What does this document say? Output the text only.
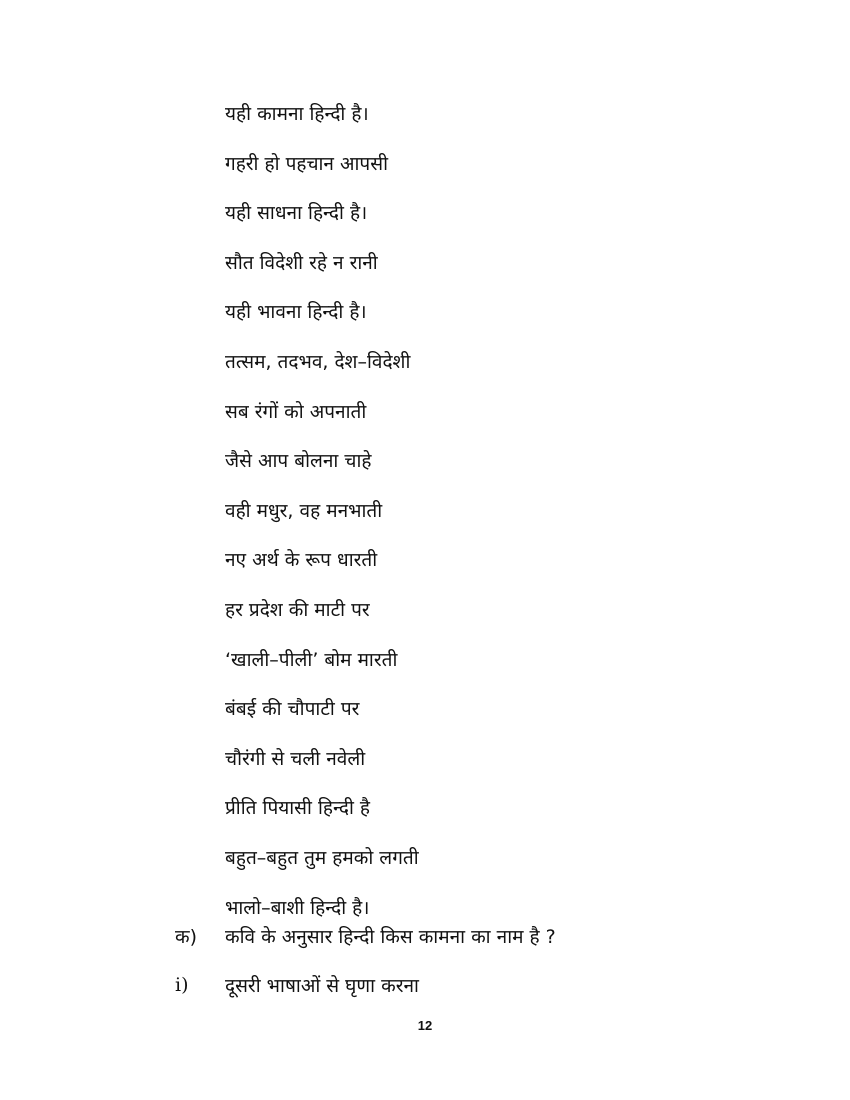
यही कामना हिन्दी है।
गहरी हो पहचान आपसी
यही साधना हिन्दी है।
सौत विदेशी रहे न रानी
यही भावना हिन्दी है।
तत्सम, तदभव, देश–विदेशी
सब रंगों को अपनाती
जैसे आप बोलना चाहे
वही मधुर, वह मनभाती
नए अर्थ के रूप धारती
हर प्रदेश की माटी पर
‘खाली–पीली’ बोम मारती
बंबई की चौपाटी पर
चौरंगी से चली नवेली
प्रीति पियासी हिन्दी है
बहुत–बहुत तुम हमको लगती
भालो–बाशी हिन्दी है।
क)	कवि के अनुसार हिन्दी किस कामना का नाम है ?
i)	दूसरी भाषाओं से घृणा करना
12
